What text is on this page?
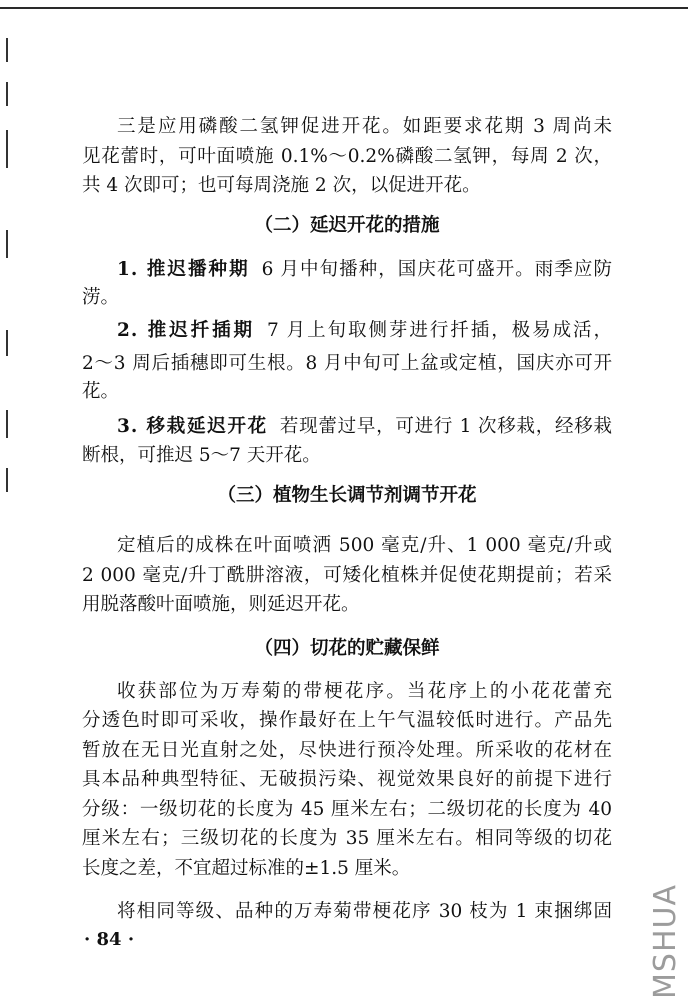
三是应用磷酸二氢钾促进开花。如距要求花期 3 周尚未
见花蕾时，可叶面喷施 0.1%～0.2%磷酸二氢钾，每周 2 次，
共 4 次即可；也可每周浇施 2 次，以促进开花。
（二）延迟开花的措施
1. 推迟播种期 6 月中旬播种，国庆花可盛开。雨季应防
涝。
2. 推迟扦插期 7 月上旬取侧芽进行扦插，极易成活，
2～3 周后插穗即可生根。8 月中旬可上盆或定植，国庆亦可开
花。
3. 移栽延迟开花 若现蕾过早，可进行 1 次移栽，经移栽
断根，可推迟 5～7 天开花。
（三）植物生长调节剂调节开花
定植后的成株在叶面喷洒 500 毫克/升、1 000 毫克/升或
2 000 毫克/升丁酰肼溶液，可矮化植株并促使花期提前；若采
用脱落酸叶面喷施，则延迟开花。
（四）切花的贮藏保鲜
收获部位为万寿菊的带梗花序。当花序上的小花花蕾充
分透色时即可采收，操作最好在上午气温较低时进行。产品先
暂放在无日光直射之处，尽快进行预冷处理。所采收的花材在
具本品种典型特征、无破损污染、视觉效果良好的前提下进行
分级：一级切花的长度为 45 厘米左右；二级切花的长度为 40
厘米左右；三级切花的长度为 35 厘米左右。相同等级的切花
长度之差，不宜超过标准的±1.5 厘米。
将相同等级、品种的万寿菊带梗花序 30 枝为 1 束捆绑固
· 84 ·	MSHUA
